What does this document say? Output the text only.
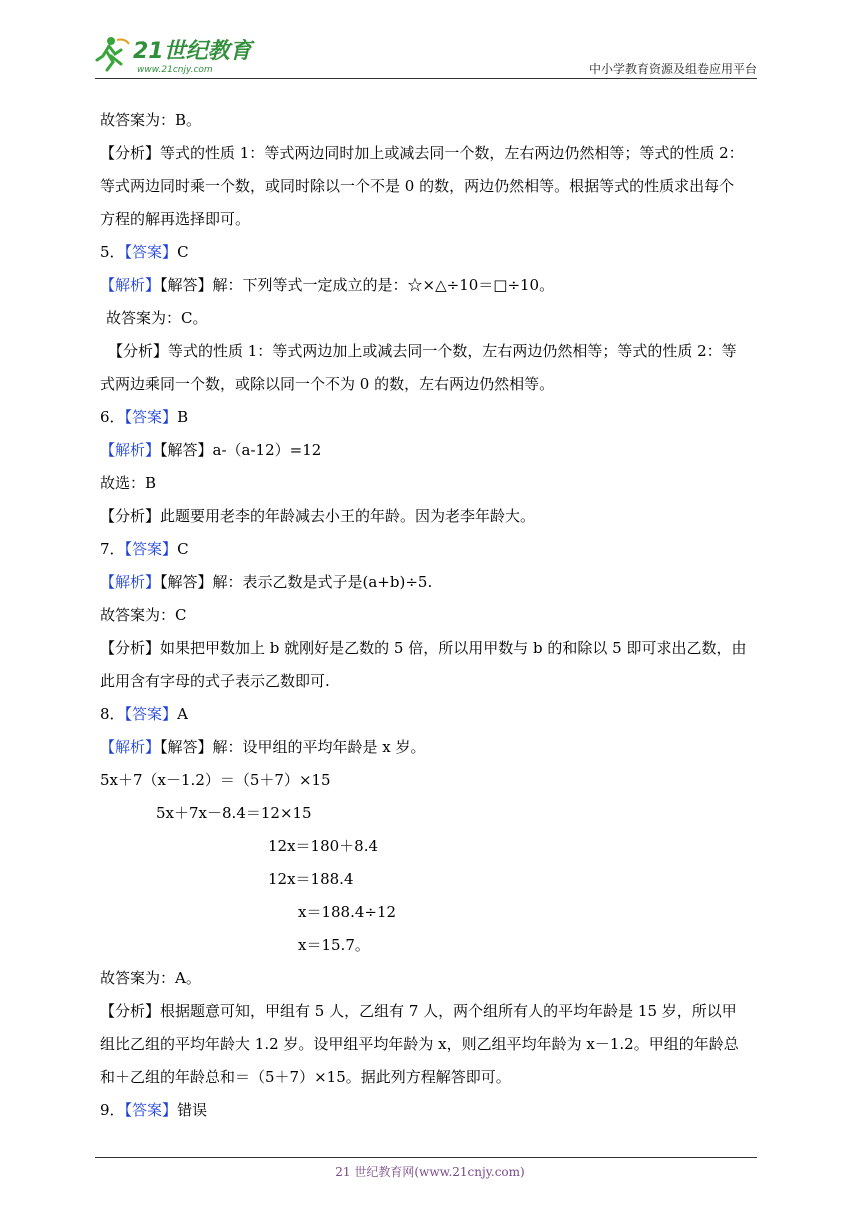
21世纪教育
www.21cnjy.com	中小学教育资源及组卷应用平台
故答案为：B。
【分析】等式的性质 1：等式两边同时加上或减去同一个数，左右两边仍然相等；等式的性质 2：
等式两边同时乘一个数，或同时除以一个不是 0 的数，两边仍然相等。根据等式的性质求出每个
方程的解再选择即可。
5．【答案】C
【解析】【解答】解：下列等式一定成立的是：☆×△÷10＝□÷10。
故答案为：C。
【分析】等式的性质 1：等式两边加上或减去同一个数，左右两边仍然相等；等式的性质 2：等
式两边乘同一个数，或除以同一个不为 0 的数，左右两边仍然相等。
6．【答案】B
【解析】【解答】a-（a-12）=12
故选：B
【分析】此题要用老李的年龄减去小王的年龄。因为老李年龄大。
7．【答案】C
【解析】【解答】解：表示乙数是式子是(a+b)÷5.
故答案为：C
【分析】如果把甲数加上 b 就刚好是乙数的 5 倍，所以用甲数与 b 的和除以 5 即可求出乙数，由
此用含有字母的式子表示乙数即可.
8．【答案】A
【解析】【解答】解：设甲组的平均年龄是 x 岁。
5x＋7（x－1.2）＝（5＋7）×15
5x＋7x－8.4＝12×15
12x＝180＋8.4
12x＝188.4
x＝188.4÷12
x＝15.7。
故答案为：A。
【分析】根据题意可知，甲组有 5 人，乙组有 7 人，两个组所有人的平均年龄是 15 岁，所以甲
组比乙组的平均年龄大 1.2 岁。设甲组平均年龄为 x，则乙组平均年龄为 x－1.2。甲组的年龄总
和＋乙组的年龄总和＝（5＋7）×15。据此列方程解答即可。
9．【答案】错误
21 世纪教育网(www.21cnjy.com)
